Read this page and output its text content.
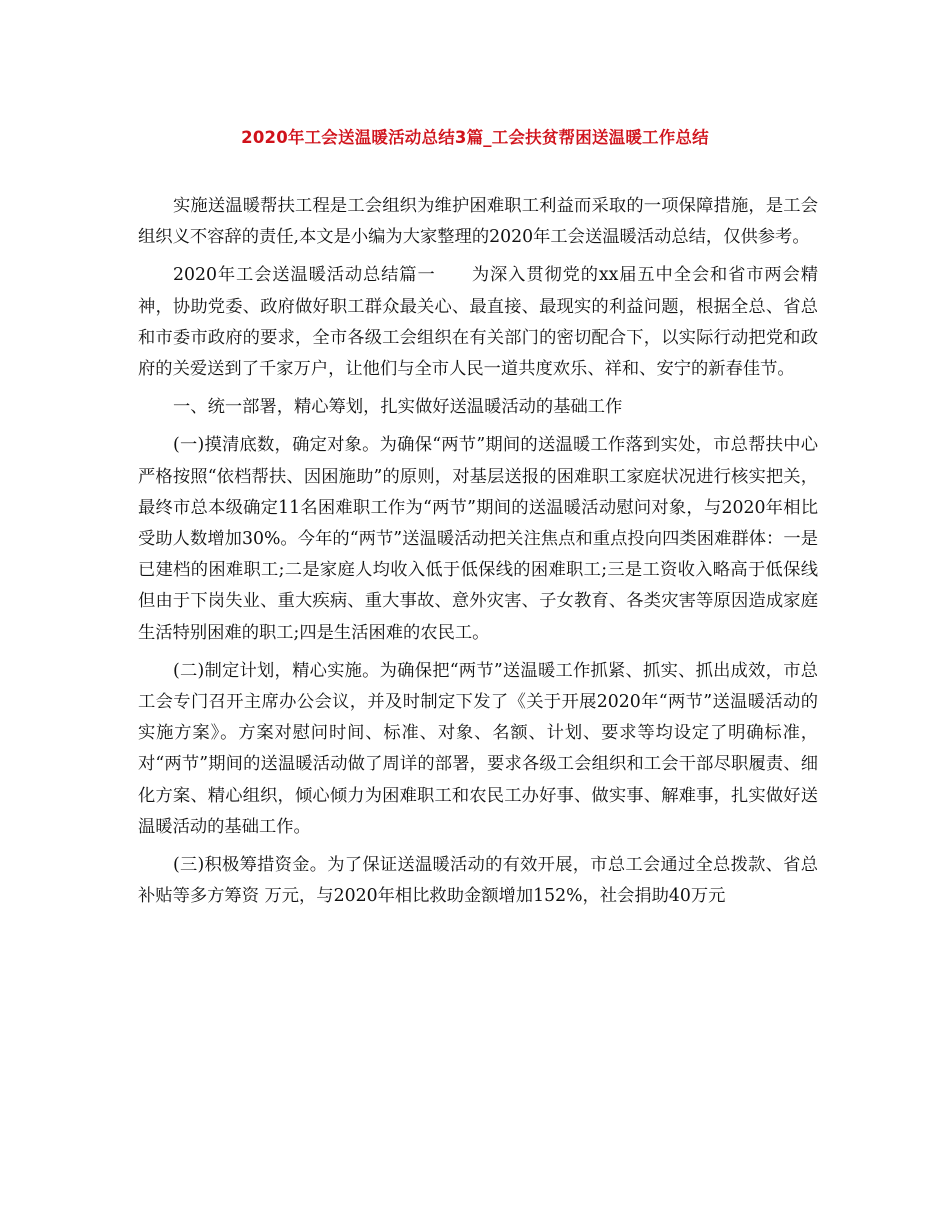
2020年工会送温暖活动总结3篇_工会扶贫帮困送温暖工作总结

实施送温暖帮扶工程是工会组织为维护困难职工利益而采取的一项保障措施，是工会组织义不容辞的责任,本文是小编为大家整理的2020年工会送温暖活动总结，仅供参考。

2020年工会送温暖活动总结篇一　　为深入贯彻党的xx届五中全会和省市两会精神，协助党委、政府做好职工群众最关心、最直接、最现实的利益问题，根据全总、省总和市委市政府的要求，全市各级工会组织在有关部门的密切配合下，以实际行动把党和政府的关爱送到了千家万户，让他们与全市人民一道共度欢乐、祥和、安宁的新春佳节。

一、统一部署，精心筹划，扎实做好送温暖活动的基础工作

(一)摸清底数，确定对象。为确保“两节”期间的送温暖工作落到实处，市总帮扶中心严格按照“依档帮扶、因困施助”的原则，对基层送报的困难职工家庭状况进行核实把关，最终市总本级确定11名困难职工作为“两节”期间的送温暖活动慰问对象，与2020年相比受助人数增加30%。今年的“两节”送温暖活动把关注焦点和重点投向四类困难群体：一是已建档的困难职工;二是家庭人均收入低于低保线的困难职工;三是工资收入略高于低保线但由于下岗失业、重大疾病、重大事故、意外灾害、子女教育、各类灾害等原因造成家庭生活特别困难的职工;四是生活困难的农民工。

(二)制定计划，精心实施。为确保把“两节”送温暖工作抓紧、抓实、抓出成效，市总工会专门召开主席办公会议，并及时制定下发了《关于开展2020年“两节”送温暖活动的实施方案》。方案对慰问时间、标准、对象、名额、计划、要求等均设定了明确标准，对“两节”期间的送温暖活动做了周详的部署，要求各级工会组织和工会干部尽职履责、细化方案、精心组织，倾心倾力为困难职工和农民工办好事、做实事、解难事，扎实做好送温暖活动的基础工作。

(三)积极筹措资金。为了保证送温暖活动的有效开展，市总工会通过全总拨款、省总补贴等多方筹资 万元，与2020年相比救助金额增加152%，社会捐助40万元
